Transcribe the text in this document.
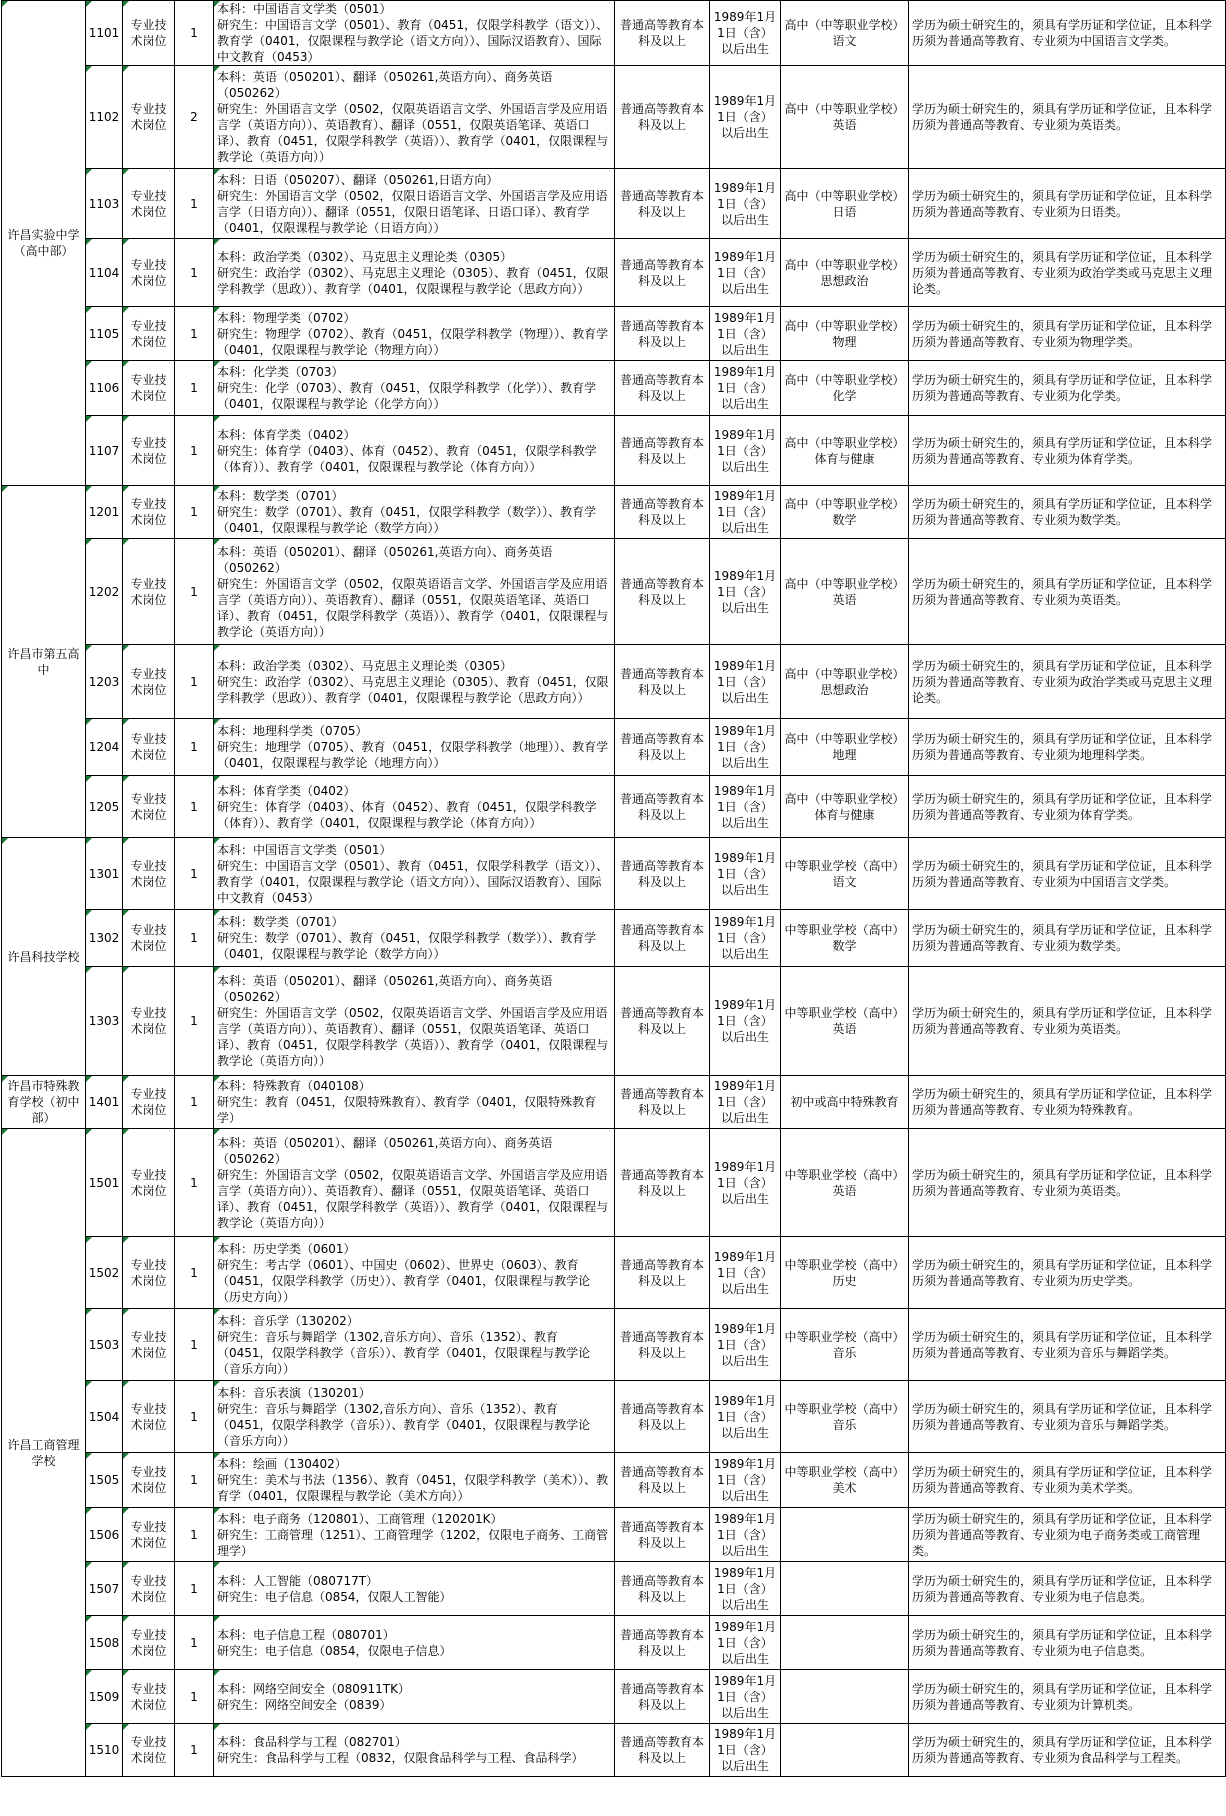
许昌实验中学（高中部）	1101	专业技术岗位	1	本科：中国语言文学类（0501）
研究生：中国语言文学（0501）、教育（0451，仅限学科教学（语文））、教育学（0401，仅限课程与教学论（语文方向））、国际汉语教育）、国际中文教育（0453）	普通高等教育本科及以上	1989年1月1日（含）以后出生	高中（中等职业学校）语文	学历为硕士研究生的，须具有学历证和学位证，且本科学历须为普通高等教育、专业须为中国语言文学类。
	1102	专业技术岗位	2	本科：英语（050201）、翻译（050261,英语方向）、商务英语（050262）
研究生：外国语言文学（0502，仅限英语语言文学、外国语言学及应用语言学（英语方向））、英语教育）、翻译（0551，仅限英语笔译、英语口译）、教育（0451，仅限学科教学（英语））、教育学（0401，仅限课程与教学论（英语方向））	普通高等教育本科及以上	1989年1月1日（含）以后出生	高中（中等职业学校）英语	学历为硕士研究生的，须具有学历证和学位证，且本科学历须为普通高等教育、专业须为英语类。
	1103	专业技术岗位	1	本科：日语（050207）、翻译（050261,日语方向）
研究生：外国语言文学（0502，仅限日语语言文学、外国语言学及应用语言学（日语方向））、翻译（0551，仅限日语笔译、日语口译）、教育学（0401，仅限课程与教学论（日语方向））	普通高等教育本科及以上	1989年1月1日（含）以后出生	高中（中等职业学校）日语	学历为硕士研究生的，须具有学历证和学位证，且本科学历须为普通高等教育、专业须为日语类。
	1104	专业技术岗位	1	本科：政治学类（0302）、马克思主义理论类（0305）
研究生：政治学（0302）、马克思主义理论（0305）、教育（0451，仅限学科教学（思政））、教育学（0401，仅限课程与教学论（思政方向））	普通高等教育本科及以上	1989年1月1日（含）以后出生	高中（中等职业学校）思想政治	学历为硕士研究生的，须具有学历证和学位证，且本科学历须为普通高等教育、专业须为政治学类或马克思主义理论类。
	1105	专业技术岗位	1	本科：物理学类（0702）
研究生：物理学（0702）、教育（0451，仅限学科教学（物理））、教育学（0401，仅限课程与教学论（物理方向））	普通高等教育本科及以上	1989年1月1日（含）以后出生	高中（中等职业学校）物理	学历为硕士研究生的，须具有学历证和学位证，且本科学历须为普通高等教育、专业须为物理学类。
	1106	专业技术岗位	1	本科：化学类（0703）
研究生：化学（0703）、教育（0451，仅限学科教学（化学））、教育学（0401，仅限课程与教学论（化学方向））	普通高等教育本科及以上	1989年1月1日（含）以后出生	高中（中等职业学校）化学	学历为硕士研究生的，须具有学历证和学位证，且本科学历须为普通高等教育、专业须为化学类。
	1107	专业技术岗位	1	本科：体育学类（0402）
研究生：体育学（0403）、体育（0452）、教育（0451，仅限学科教学（体育））、教育学（0401，仅限课程与教学论（体育方向））	普通高等教育本科及以上	1989年1月1日（含）以后出生	高中（中等职业学校）体育与健康	学历为硕士研究生的，须具有学历证和学位证，且本科学历须为普通高等教育、专业须为体育学类。
许昌市第五高中	1201	专业技术岗位	1	本科：数学类（0701）
研究生：数学（0701）、教育（0451，仅限学科教学（数学））、教育学（0401，仅限课程与教学论（数学方向））	普通高等教育本科及以上	1989年1月1日（含）以后出生	高中（中等职业学校）数学	学历为硕士研究生的，须具有学历证和学位证，且本科学历须为普通高等教育、专业须为数学类。
	1202	专业技术岗位	1	本科：英语（050201）、翻译（050261,英语方向）、商务英语（050262）
研究生：外国语言文学（0502，仅限英语语言文学、外国语言学及应用语言学（英语方向））、英语教育）、翻译（0551，仅限英语笔译、英语口译）、教育（0451，仅限学科教学（英语））、教育学（0401，仅限课程与教学论（英语方向））	普通高等教育本科及以上	1989年1月1日（含）以后出生	高中（中等职业学校）英语	学历为硕士研究生的，须具有学历证和学位证，且本科学历须为普通高等教育、专业须为英语类。
	1203	专业技术岗位	1	本科：政治学类（0302）、马克思主义理论类（0305）
研究生：政治学（0302）、马克思主义理论（0305）、教育（0451，仅限学科教学（思政））、教育学（0401，仅限课程与教学论（思政方向））	普通高等教育本科及以上	1989年1月1日（含）以后出生	高中（中等职业学校）思想政治	学历为硕士研究生的，须具有学历证和学位证，且本科学历须为普通高等教育、专业须为政治学类或马克思主义理论类。
	1204	专业技术岗位	1	本科：地理科学类（0705）
研究生：地理学（0705）、教育（0451，仅限学科教学（地理））、教育学（0401，仅限课程与教学论（地理方向））	普通高等教育本科及以上	1989年1月1日（含）以后出生	高中（中等职业学校）地理	学历为硕士研究生的，须具有学历证和学位证，且本科学历须为普通高等教育、专业须为地理科学类。
	1205	专业技术岗位	1	本科：体育学类（0402）
研究生：体育学（0403）、体育（0452）、教育（0451，仅限学科教学（体育））、教育学（0401，仅限课程与教学论（体育方向））	普通高等教育本科及以上	1989年1月1日（含）以后出生	高中（中等职业学校）体育与健康	学历为硕士研究生的，须具有学历证和学位证，且本科学历须为普通高等教育、专业须为体育学类。
许昌科技学校	1301	专业技术岗位	1	本科：中国语言文学类（0501）
研究生：中国语言文学（0501）、教育（0451，仅限学科教学（语文））、教育学（0401，仅限课程与教学论（语文方向））、国际汉语教育）、国际中文教育（0453）	普通高等教育本科及以上	1989年1月1日（含）以后出生	中等职业学校（高中）语文	学历为硕士研究生的，须具有学历证和学位证，且本科学历须为普通高等教育、专业须为中国语言文学类。
	1302	专业技术岗位	1	本科：数学类（0701）
研究生：数学（0701）、教育（0451，仅限学科教学（数学））、教育学（0401，仅限课程与教学论（数学方向））	普通高等教育本科及以上	1989年1月1日（含）以后出生	中等职业学校（高中）数学	学历为硕士研究生的，须具有学历证和学位证，且本科学历须为普通高等教育、专业须为数学类。
	1303	专业技术岗位	1	本科：英语（050201）、翻译（050261,英语方向）、商务英语（050262）
研究生：外国语言文学（0502，仅限英语语言文学、外国语言学及应用语言学（英语方向））、英语教育）、翻译（0551，仅限英语笔译、英语口译）、教育（0451，仅限学科教学（英语））、教育学（0401，仅限课程与教学论（英语方向））	普通高等教育本科及以上	1989年1月1日（含）以后出生	中等职业学校（高中）英语	学历为硕士研究生的，须具有学历证和学位证，且本科学历须为普通高等教育、专业须为英语类。
许昌市特殊教育学校（初中部）	1401	专业技术岗位	1	本科：特殊教育（040108）
研究生：教育（0451，仅限特殊教育）、教育学（0401，仅限特殊教育学）	普通高等教育本科及以上	1989年1月1日（含）以后出生	初中或高中特殊教育	学历为硕士研究生的，须具有学历证和学位证，且本科学历须为普通高等教育、专业须为特殊教育。
许昌工商管理学校	1501	专业技术岗位	1	本科：英语（050201）、翻译（050261,英语方向）、商务英语（050262）
研究生：外国语言文学（0502，仅限英语语言文学、外国语言学及应用语言学（英语方向））、英语教育）、翻译（0551，仅限英语笔译、英语口译）、教育（0451，仅限学科教学（英语））、教育学（0401，仅限课程与教学论（英语方向））	普通高等教育本科及以上	1989年1月1日（含）以后出生	中等职业学校（高中）英语	学历为硕士研究生的，须具有学历证和学位证，且本科学历须为普通高等教育、专业须为英语类。
	1502	专业技术岗位	1	本科：历史学类（0601）
研究生：考古学（0601）、中国史（0602）、世界史（0603）、教育（0451，仅限学科教学（历史））、教育学（0401，仅限课程与教学论（历史方向））	普通高等教育本科及以上	1989年1月1日（含）以后出生	中等职业学校（高中）历史	学历为硕士研究生的，须具有学历证和学位证，且本科学历须为普通高等教育、专业须为历史学类。
	1503	专业技术岗位	1	本科：音乐学（130202）
研究生：音乐与舞蹈学（1302,音乐方向）、音乐（1352）、教育（0451，仅限学科教学（音乐））、教育学（0401，仅限课程与教学论（音乐方向））	普通高等教育本科及以上	1989年1月1日（含）以后出生	中等职业学校（高中）音乐	学历为硕士研究生的，须具有学历证和学位证，且本科学历须为普通高等教育、专业须为音乐与舞蹈学类。
	1504	专业技术岗位	1	本科：音乐表演（130201）
研究生：音乐与舞蹈学（1302,音乐方向）、音乐（1352）、教育（0451，仅限学科教学（音乐））、教育学（0401，仅限课程与教学论（音乐方向））	普通高等教育本科及以上	1989年1月1日（含）以后出生	中等职业学校（高中）音乐	学历为硕士研究生的，须具有学历证和学位证，且本科学历须为普通高等教育、专业须为音乐与舞蹈学类。
	1505	专业技术岗位	1	本科：绘画（130402）
研究生：美术与书法（1356）、教育（0451，仅限学科教学（美术））、教育学（0401，仅限课程与教学论（美术方向））	普通高等教育本科及以上	1989年1月1日（含）以后出生	中等职业学校（高中）美术	学历为硕士研究生的，须具有学历证和学位证，且本科学历须为普通高等教育、专业须为美术学类。
	1506	专业技术岗位	1	本科：电子商务（120801）、工商管理（120201K）
研究生：工商管理（1251）、工商管理学（1202，仅限电子商务、工商管理学）	普通高等教育本科及以上	1989年1月1日（含）以后出生		学历为硕士研究生的，须具有学历证和学位证，且本科学历须为普通高等教育、专业须为电子商务类或工商管理类。
	1507	专业技术岗位	1	本科：人工智能（080717T）
研究生：电子信息（0854，仅限人工智能）	普通高等教育本科及以上	1989年1月1日（含）以后出生		学历为硕士研究生的，须具有学历证和学位证，且本科学历须为普通高等教育、专业须为电子信息类。
	1508	专业技术岗位	1	本科：电子信息工程（080701）
研究生：电子信息（0854，仅限电子信息）	普通高等教育本科及以上	1989年1月1日（含）以后出生		学历为硕士研究生的，须具有学历证和学位证，且本科学历须为普通高等教育、专业须为电子信息类。
	1509	专业技术岗位	1	本科：网络空间安全（080911TK）
研究生：网络空间安全（0839）	普通高等教育本科及以上	1989年1月1日（含）以后出生		学历为硕士研究生的，须具有学历证和学位证，且本科学历须为普通高等教育、专业须为计算机类。
	1510	专业技术岗位	1	本科：食品科学与工程（082701）
研究生：食品科学与工程（0832，仅限食品科学与工程、食品科学）	普通高等教育本科及以上	1989年1月1日（含）以后出生		学历为硕士研究生的，须具有学历证和学位证，且本科学历须为普通高等教育、专业须为食品科学与工程类。
